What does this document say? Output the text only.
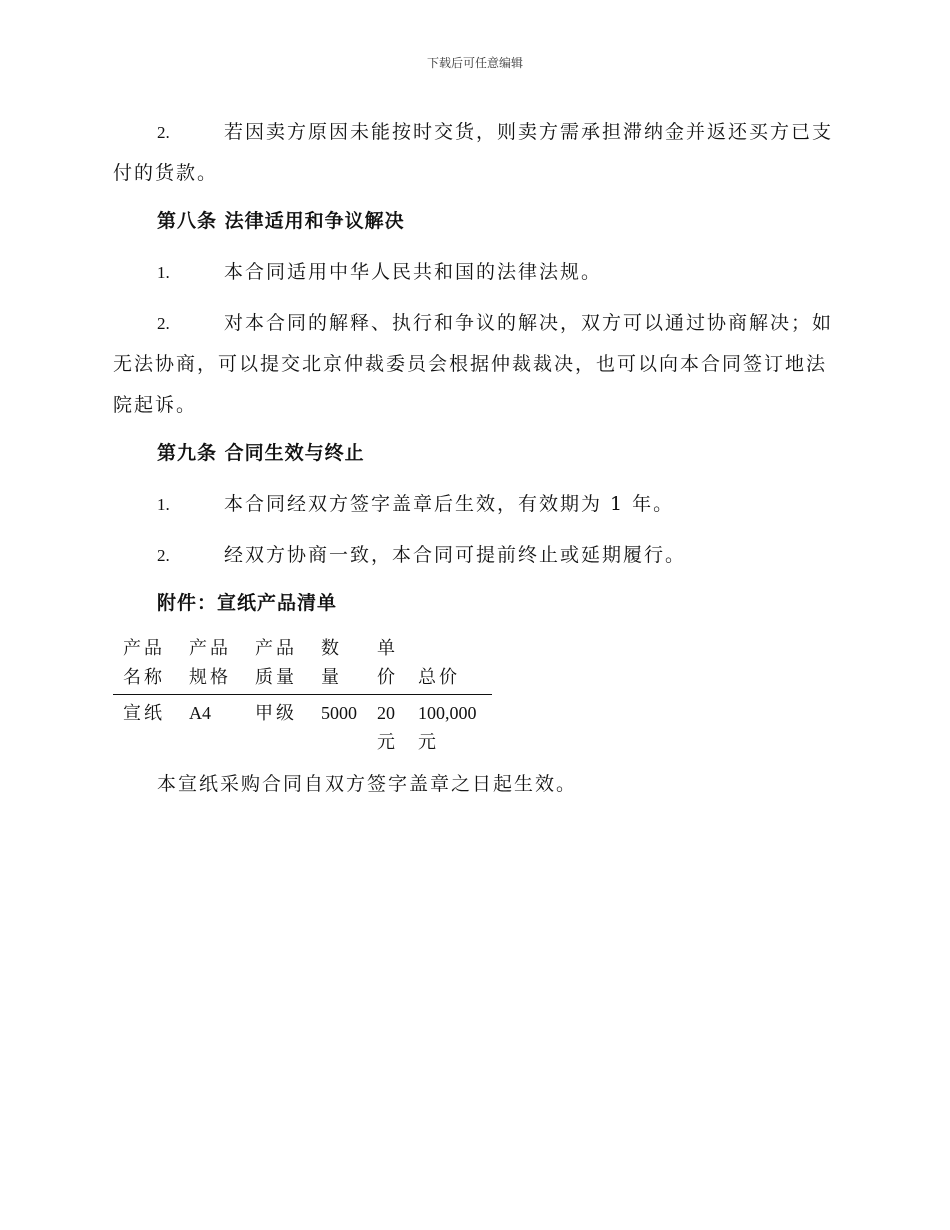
下载后可任意编辑

2.	若因卖方原因未能按时交货，则卖方需承担滞纳金并返还买方已支付的货款。

第八条 法律适用和争议解决

1.	本合同适用中华人民共和国的法律法规。

2.	对本合同的解释、执行和争议的解决，双方可以通过协商解决；如无法协商，可以提交北京仲裁委员会根据仲裁裁决，也可以向本合同签订地法院起诉。

第九条 合同生效与终止

1.	本合同经双方签字盖章后生效，有效期为 1 年。

2.	经双方协商一致，本合同可提前终止或延期履行。

附件：宣纸产品清单
产品名称	产品规格	产品质量	数量	单价	总价
宣纸	A4	甲级	5000	20元	100,000元

本宣纸采购合同自双方签字盖章之日起生效。
